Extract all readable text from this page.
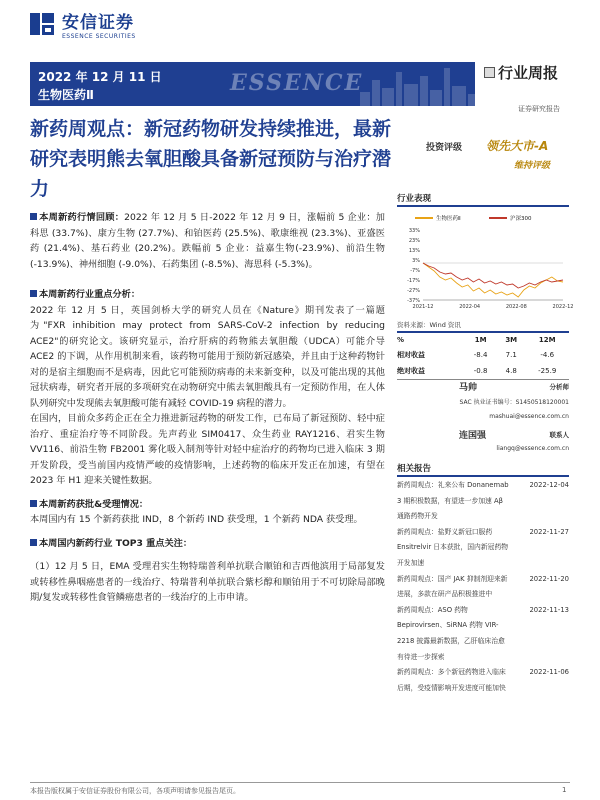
安信证券
ESSENCE SECURITIES
2022 年 12 月 11 日
生物医药Ⅱ	ESSENCE	行业周报
证券研究报告
新药周观点：新冠药物研发持续推进，最新研究表明熊去氧胆酸具备新冠预防与治疗潜力
投资评级 领先大市-A
维持评级

本周新药行情回顾：2022 年 12 月 5 日-2022 年 12 月 9 日，涨幅前 5 企业：加科思 (33.7%)、康方生物 (27.7%)、和铂医药 (25.5%)、歌康维视 (23.3%)、亚盛医药 (21.4%)、基石药业 (20.2%)。跌幅前 5 企业：益嘉生物(-23.9%)、前沿生物(-13.9%)、神州细胞 (-9.0%)、石药集团 (-8.5%)、海思科 (-5.3%)。

本周新药行业重点分析：

2022 年 12 月 5 日，英国剑桥大学的研究人员在《Nature》期刊发表了一篇题为"FXR inhibition may protect from SARS-CoV-2 infection by reducing ACE2"的研究论文。该研究显示，治疗肝病的药物熊去氧胆酸（UDCA）可能介导 ACE2 的下调，从作用机制来看，该药物可能用于预防新冠感染，并且由于这种药物针对的是宿主细胞而不是病毒，因此它可能预防病毒的未来新变种，以及可能出现的其他冠状病毒，研究者开展的多项研究在动物研究中熊去氧胆酸具有一定预防作用，在人体队列研究中发现熊去氧胆酸可能有减轻 COVID-19 病程的潜力。

在国内，目前众多药企正在全力推进新冠药物的研发工作，已布局了新冠预防、轻中症治疗、重症治疗等不同阶段。先声药业 SIM0417、众生药业 RAY1216、君实生物 VV116、前沿生物 FB2001 雾化吸入制剂等针对轻中症治疗的药物均已进入临床 3 期开发阶段，受当前国内疫情严峻的疫情影响，上述药物的临床开发正在加速，有望在 2023 年 H1 迎来关键性数据。

本周新药获批&受理情况：

本周国内有 15 个新药获批 IND，8 个新药 IND 获受理，1 个新药 NDA 获受理。

本周国内新药行业 TOP3 重点关注：

（1）12 月 5 日，EMA 受理君实生物特瑞普利单抗联合顺铂和吉西他滨用于局部复发或转移性鼻咽癌患者的一线治疗、特瑞普利单抗联合紫杉醇和顺铂用于不可切除局部晚期/复发或转移性食管鳞癌患者的一线治疗的上市申请。

行业表现
生物医药Ⅱ	沪深300
33%
23%
13%
3%
-7%
-17%
-27%
-37%
2021-12	2022-04	2022-08	2022-12
资料来源：Wind 资讯
%	1M	3M	12M
相对收益	-8.4	7.1	-4.6
绝对收益	-0.8	4.8	-25.9
马帅	分析师
SAC 执业证书编号：S1450518120001
mashuai@essence.com.cn
连国强	联系人
liangq@essence.com.cn
相关报告
新药周观点：礼来公布 Donanemab 3 期积极数据，有望进一步加速 Aβ 通路药物开发
2022-12-04
新药周观点：盐野义新冠口服药 Ensitrelvir 日本获批，国内新冠药物开发加速
2022-11-27
新药周观点：国产 JAK 抑制剂迎来新进展，多款在研产品积极推进中
2022-11-20
新药周观点：ASO 药物 Bepirovirsen、SiRNA 药物 VIR-2218 披露最新数据，乙肝临床治愈有待进一步探索
2022-11-13
新药周观点：多个新冠药物进入临床后期，受疫情影响开发进度可能加快
2022-11-06
本报告版权属于安信证券股份有限公司，各项声明请参见报告尾页。	1
